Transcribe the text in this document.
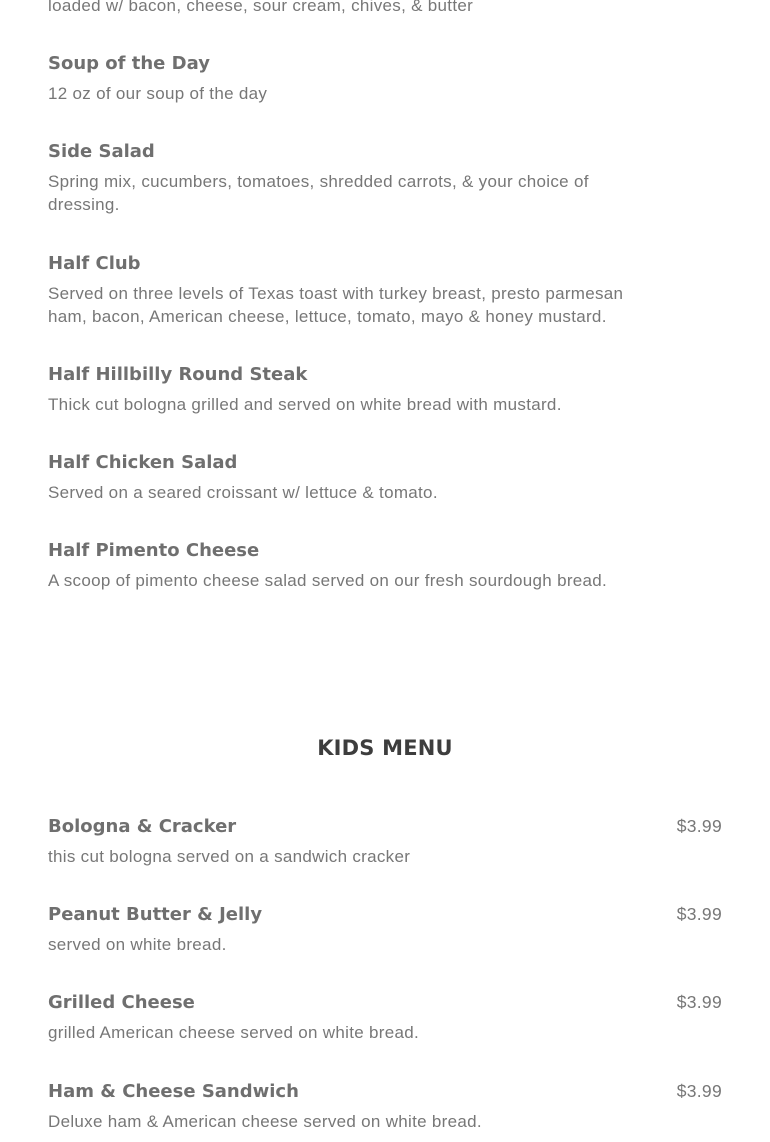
loaded w/ bacon, cheese, sour cream, chives, & butter
Soup of the Day
12 oz of our soup of the day
Side Salad
Spring mix, cucumbers, tomatoes, shredded carrots, & your choice of dressing.
Half Club
Served on three levels of Texas toast with turkey breast, presto parmesan ham, bacon, American cheese, lettuce, tomato, mayo & honey mustard.
Half Hillbilly Round Steak
Thick cut bologna grilled and served on white bread with mustard.
Half Chicken Salad
Served on a seared croissant w/ lettuce & tomato.
Half Pimento Cheese
A scoop of pimento cheese salad served on our fresh sourdough bread.
KIDS MENU
Bologna & Cracker
this cut bologna served on a sandwich cracker
$3.99
Peanut Butter & Jelly
served on white bread.
$3.99
Grilled Cheese
grilled American cheese served on white bread.
$3.99
Ham & Cheese Sandwich
Deluxe ham & American cheese served on white bread.
$3.99
